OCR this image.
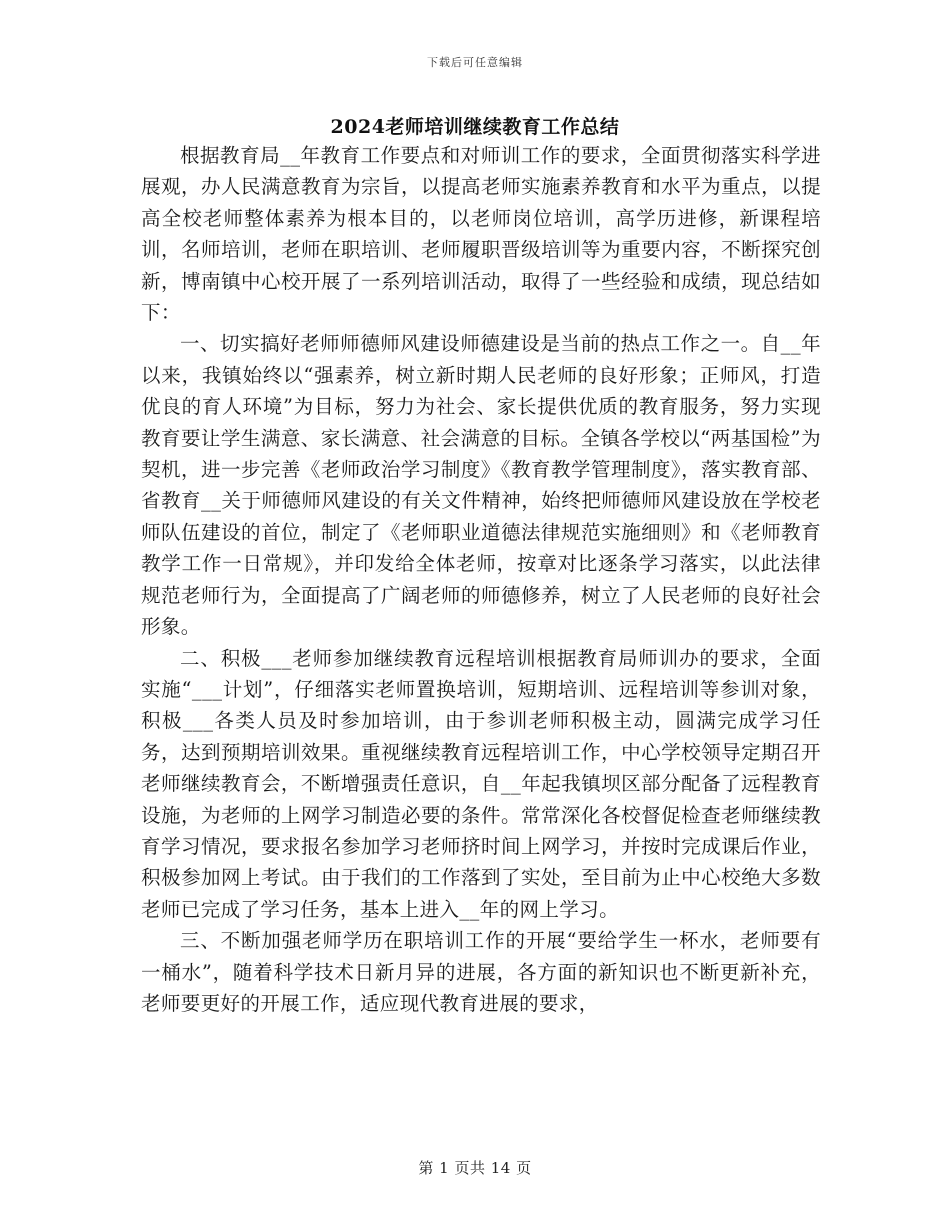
下载后可任意编辑
2024老师培训继续教育工作总结

根据教育局__年教育工作要点和对师训工作的要求，全面贯彻落实科学进展观，办人民满意教育为宗旨，以提高老师实施素养教育和水平为重点，以提高全校老师整体素养为根本目的，以老师岗位培训，高学历进修，新课程培训，名师培训，老师在职培训、老师履职晋级培训等为重要内容，不断探究创新，博南镇中心校开展了一系列培训活动，取得了一些经验和成绩，现总结如下：

一、切实搞好老师师德师风建设师德建设是当前的热点工作之一。自__年以来，我镇始终以“强素养，树立新时期人民老师的良好形象；正师风，打造优良的育人环境”为目标，努力为社会、家长提供优质的教育服务，努力实现教育要让学生满意、家长满意、社会满意的目标。全镇各学校以“两基国检”为契机，进一步完善《老师政治学习制度》《教育教学管理制度》，落实教育部、省教育__关于师德师风建设的有关文件精神，始终把师德师风建设放在学校老师队伍建设的首位，制定了《老师职业道德法律规范实施细则》和《老师教育教学工作一日常规》，并印发给全体老师，按章对比逐条学习落实，以此法律规范老师行为，全面提高了广阔老师的师德修养，树立了人民老师的良好社会形象。

二、积极___老师参加继续教育远程培训根据教育局师训办的要求，全面实施“___计划”，仔细落实老师置换培训，短期培训、远程培训等参训对象，积极___各类人员及时参加培训，由于参训老师积极主动，圆满完成学习任务，达到预期培训效果。重视继续教育远程培训工作，中心学校领导定期召开老师继续教育会，不断增强责任意识，自__年起我镇坝区部分配备了远程教育设施，为老师的上网学习制造必要的条件。常常深化各校督促检查老师继续教育学习情况，要求报名参加学习老师挤时间上网学习，并按时完成课后作业，积极参加网上考试。由于我们的工作落到了实处，至目前为止中心校绝大多数老师已完成了学习任务，基本上进入__年的网上学习。

三、不断加强老师学历在职培训工作的开展“要给学生一杯水，老师要有一桶水”，随着科学技术日新月异的进展，各方面的新知识也不断更新补充，老师要更好的开展工作，适应现代教育进展的要求，

第 1 页共 14 页
